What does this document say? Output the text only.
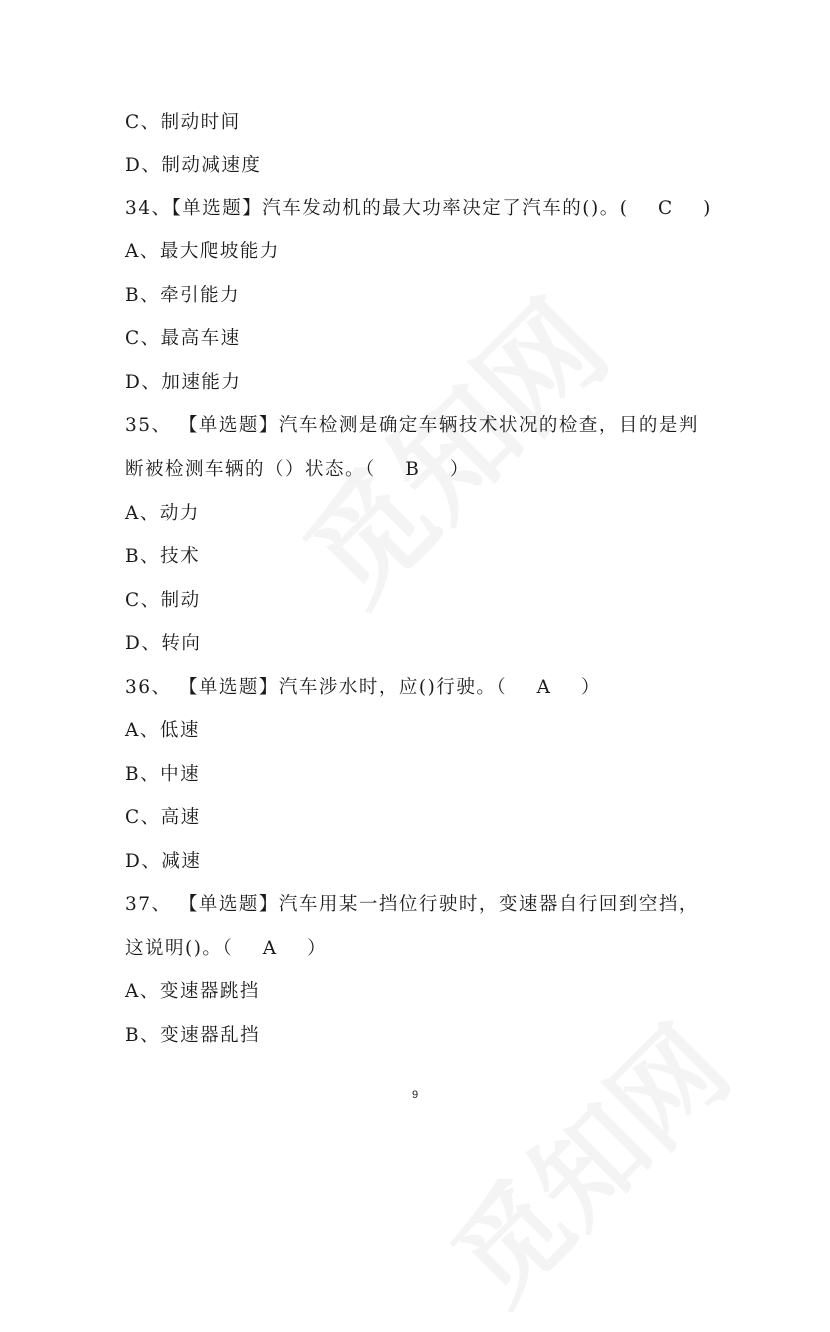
C、制动时间
D、制动减速度
34、【单选题】汽车发动机的最大功率决定了汽车的()。(    C    )
A、最大爬坡能力
B、牵引能力
C、最高车速
D、加速能力
35、 【单选题】汽车检测是确定车辆技术状况的检查，目的是判
断被检测车辆的（）状态。（    B    ）
A、动力
B、技术
C、制动
D、转向
36、 【单选题】汽车涉水时，应()行驶。（    A    ）
A、低速
B、中速
C、高速
D、减速
37、 【单选题】汽车用某一挡位行驶时，变速器自行回到空挡，
这说明()。（    A    ）
A、变速器跳挡
B、变速器乱挡
9
